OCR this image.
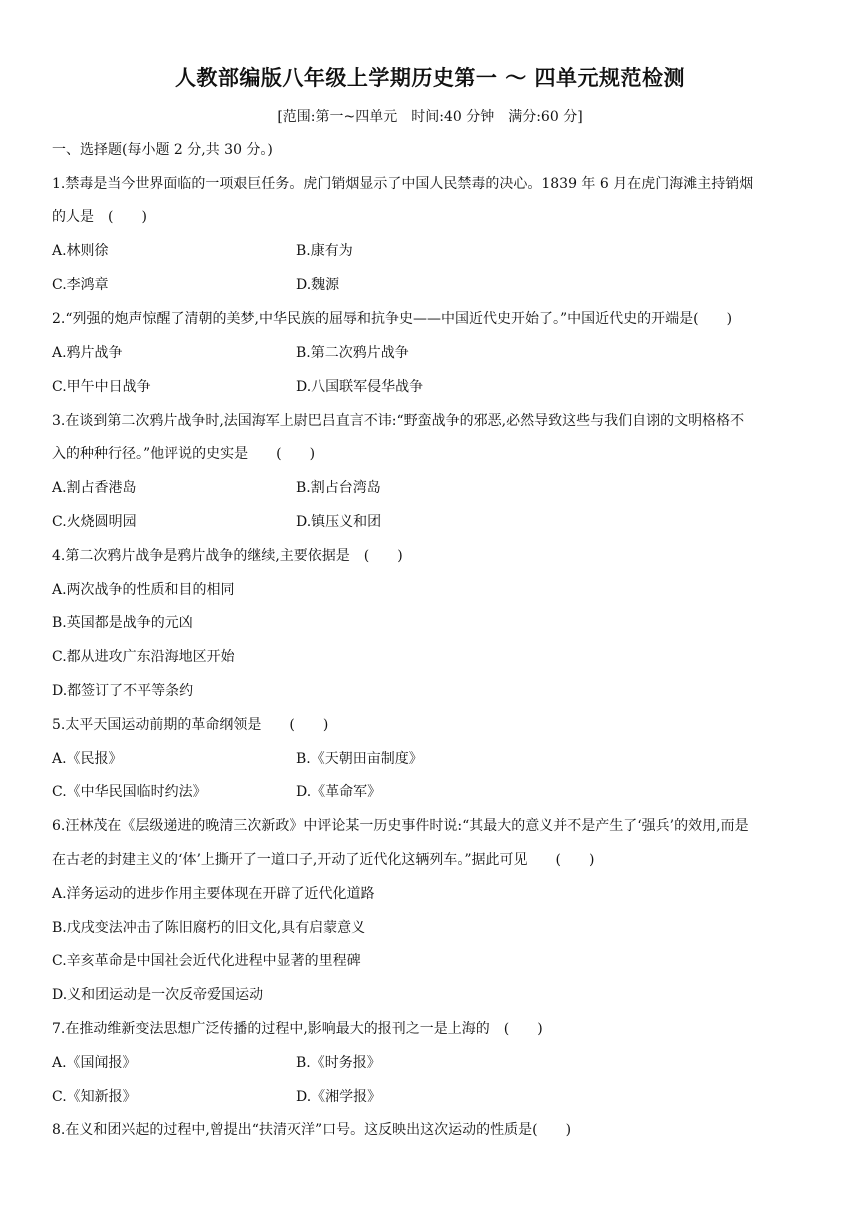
人教部编版八年级上学期历史第一 ～ 四单元规范检测
[范围:第一~四单元　时间:40 分钟　满分:60 分]
一、选择题(每小题 2 分,共 30 分。)
1.禁毒是当今世界面临的一项艰巨任务。虎门销烟显示了中国人民禁毒的决心。1839 年 6 月在虎门海滩主持销烟
的人是　(　　)
A.林则徐	B.康有为
C.李鸿章	D.魏源
2.“列强的炮声惊醒了清朝的美梦,中华民族的屈辱和抗争史——中国近代史开始了。”中国近代史的开端是(　　)
A.鸦片战争	B.第二次鸦片战争
C.甲午中日战争	D.八国联军侵华战争
3.在谈到第二次鸦片战争时,法国海军上尉巴吕直言不讳:“野蛮战争的邪恶,必然导致这些与我们自诩的文明格格不
入的种种行径。”他评说的史实是　　(　　)
A.割占香港岛	B.割占台湾岛
C.火烧圆明园	D.镇压义和团
4.第二次鸦片战争是鸦片战争的继续,主要依据是　(　　)
A.两次战争的性质和目的相同
B.英国都是战争的元凶
C.都从进攻广东沿海地区开始
D.都签订了不平等条约
5.太平天国运动前期的革命纲领是　　(　　)
A.《民报》	B.《天朝田亩制度》
C.《中华民国临时约法》	D.《革命军》
6.汪林茂在《层级递进的晚清三次新政》中评论某一历史事件时说:“其最大的意义并不是产生了‘强兵’的效用,而是
在古老的封建主义的‘体’上撕开了一道口子,开动了近代化这辆列车。”据此可见　　(　　)
A.洋务运动的进步作用主要体现在开辟了近代化道路
B.戊戌变法冲击了陈旧腐朽的旧文化,具有启蒙意义
C.辛亥革命是中国社会近代化进程中显著的里程碑
D.义和团运动是一次反帝爱国运动
7.在推动维新变法思想广泛传播的过程中,影响最大的报刊之一是上海的　(　　)
A.《国闻报》	B.《时务报》
C.《知新报》	D.《湘学报》
8.在义和团兴起的过程中,曾提出“扶清灭洋”口号。这反映出这次运动的性质是(　　)
